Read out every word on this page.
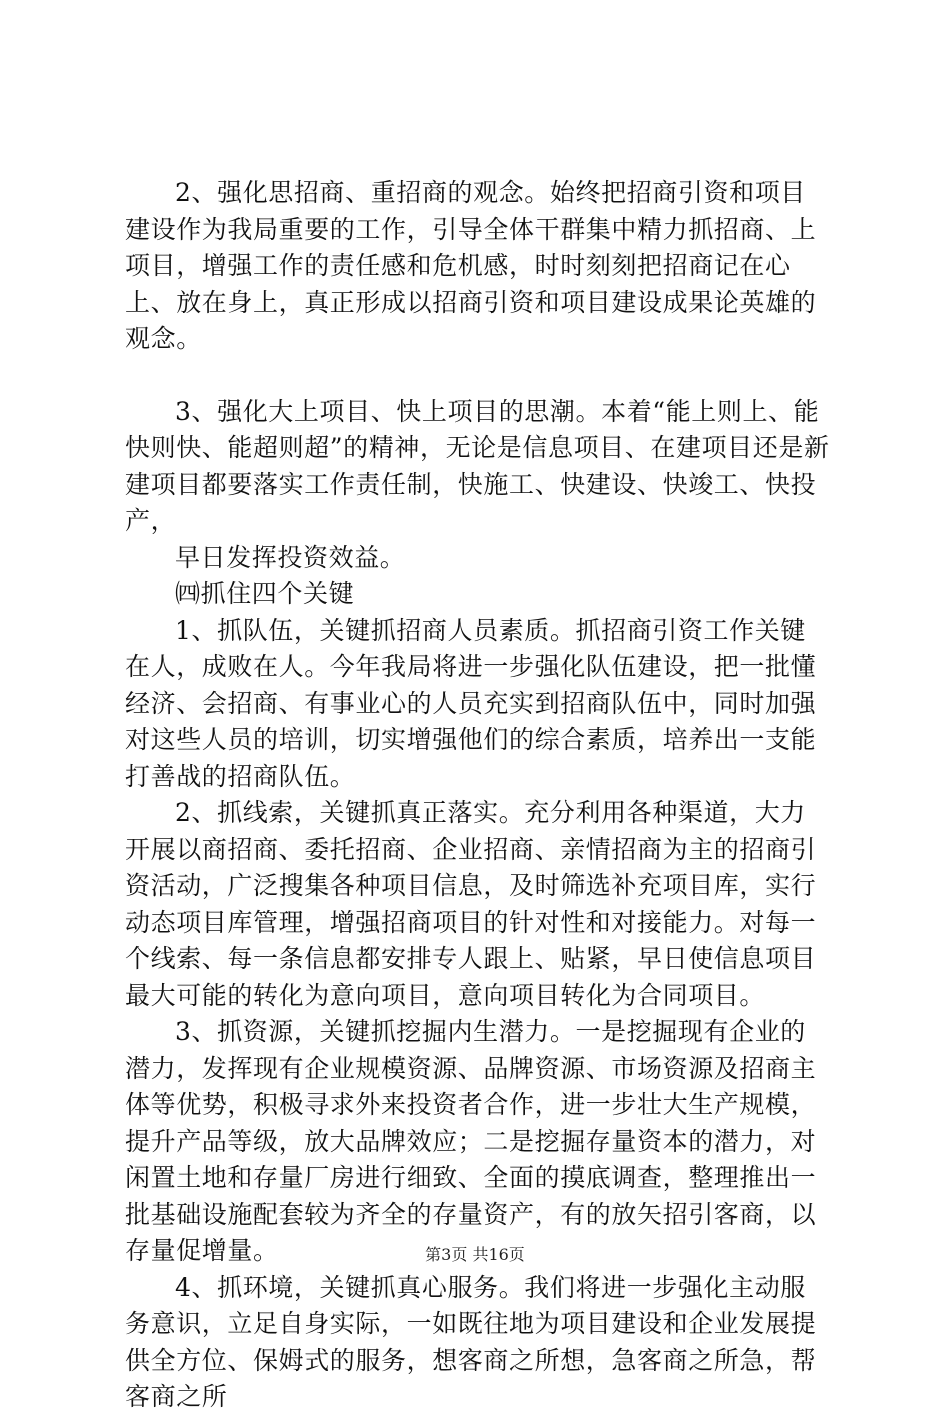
2、强化思招商、重招商的观念。始终把招商引资和项目建设作为我局重要的工作，引导全体干群集中精力抓招商、上项目，增强工作的责任感和危机感，时时刻刻把招商记在心上、放在身上，真正形成以招商引资和项目建设成果论英雄的观念。

3、强化大上项目、快上项目的思潮。本着“能上则上、能快则快、能超则超”的精神，无论是信息项目、在建项目还是新建项目都要落实工作责任制，快施工、快建设、快竣工、快投产，

早日发挥投资效益。

㈣抓住四个关键

1、抓队伍，关键抓招商人员素质。抓招商引资工作关键在人，成败在人。今年我局将进一步强化队伍建设，把一批懂经济、会招商、有事业心的人员充实到招商队伍中，同时加强对这些人员的培训，切实增强他们的综合素质，培养出一支能打善战的招商队伍。

2、抓线索，关键抓真正落实。充分利用各种渠道，大力开展以商招商、委托招商、企业招商、亲情招商为主的招商引资活动，广泛搜集各种项目信息，及时筛选补充项目库，实行动态项目库管理，增强招商项目的针对性和对接能力。对每一个线索、每一条信息都安排专人跟上、贴紧，早日使信息项目最大可能的转化为意向项目，意向项目转化为合同项目。

3、抓资源，关键抓挖掘内生潜力。一是挖掘现有企业的潜力，发挥现有企业规模资源、品牌资源、市场资源及招商主体等优势，积极寻求外来投资者合作，进一步壮大生产规模，提升产品等级，放大品牌效应；二是挖掘存量资本的潜力，对闲置土地和存量厂房进行细致、全面的摸底调查，整理推出一批基础设施配套较为齐全的存量资产，有的放矢招引客商，以存量促增量。

4、抓环境，关键抓真心服务。我们将进一步强化主动服务意识，立足自身实际，一如既往地为项目建设和企业发展提供全方位、保姆式的服务，想客商之所想，急客商之所急，帮客商之所

第3页 共16页
